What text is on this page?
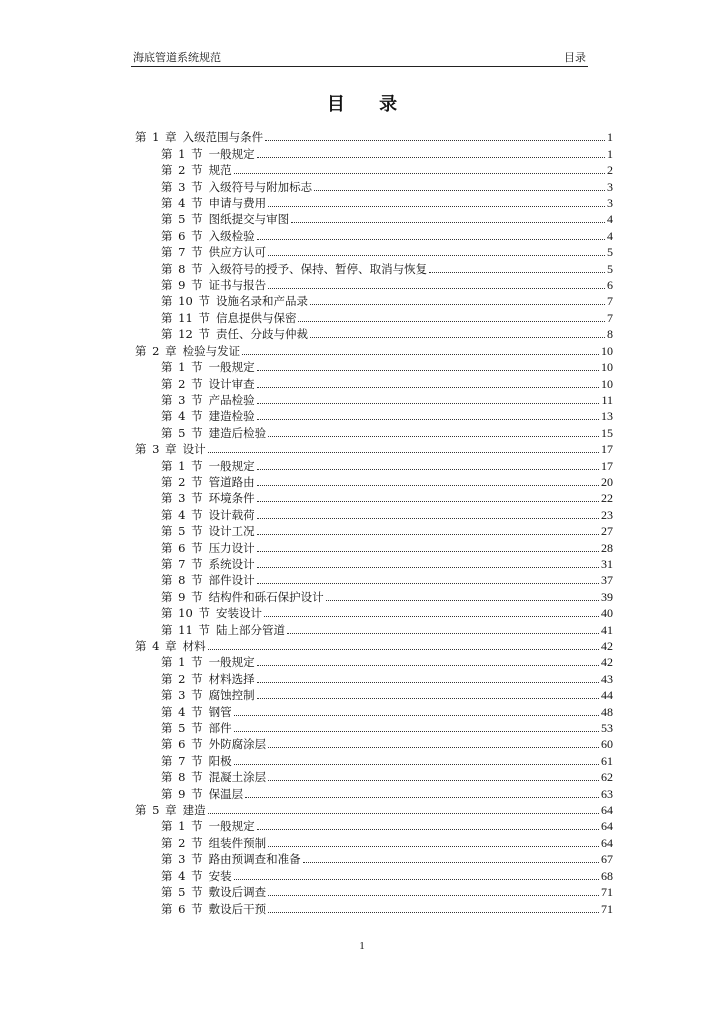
海底管道系统规范	目录
目 录
第 1 章 入级范围与条件	1
第 1 节 一般规定	1
第 2 节 规范	2
第 3 节 入级符号与附加标志	3
第 4 节 申请与费用	3
第 5 节 图纸提交与审图	4
第 6 节 入级检验	4
第 7 节 供应方认可	5
第 8 节 入级符号的授予、保持、暂停、取消与恢复	5
第 9 节 证书与报告	6
第 10 节 设施名录和产品录	7
第 11 节 信息提供与保密	7
第 12 节 责任、分歧与仲裁	8
第 2 章 检验与发证	10
第 1 节 一般规定	10
第 2 节 设计审查	10
第 3 节 产品检验	11
第 4 节 建造检验	13
第 5 节 建造后检验	15
第 3 章 设计	17
第 1 节 一般规定	17
第 2 节 管道路由	20
第 3 节 环境条件	22
第 4 节 设计载荷	23
第 5 节 设计工况	27
第 6 节 压力设计	28
第 7 节 系统设计	31
第 8 节 部件设计	37
第 9 节 结构件和砾石保护设计	39
第 10 节 安装设计	40
第 11 节 陆上部分管道	41
第 4 章 材料	42
第 1 节 一般规定	42
第 2 节 材料选择	43
第 3 节 腐蚀控制	44
第 4 节 钢管	48
第 5 节 部件	53
第 6 节 外防腐涂层	60
第 7 节 阳极	61
第 8 节 混凝土涂层	62
第 9 节 保温层	63
第 5 章 建造	64
第 1 节 一般规定	64
第 2 节 组装件预制	64
第 3 节 路由预调查和准备	67
第 4 节 安装	68
第 5 节 敷设后调查	71
第 6 节 敷设后干预	71
1
